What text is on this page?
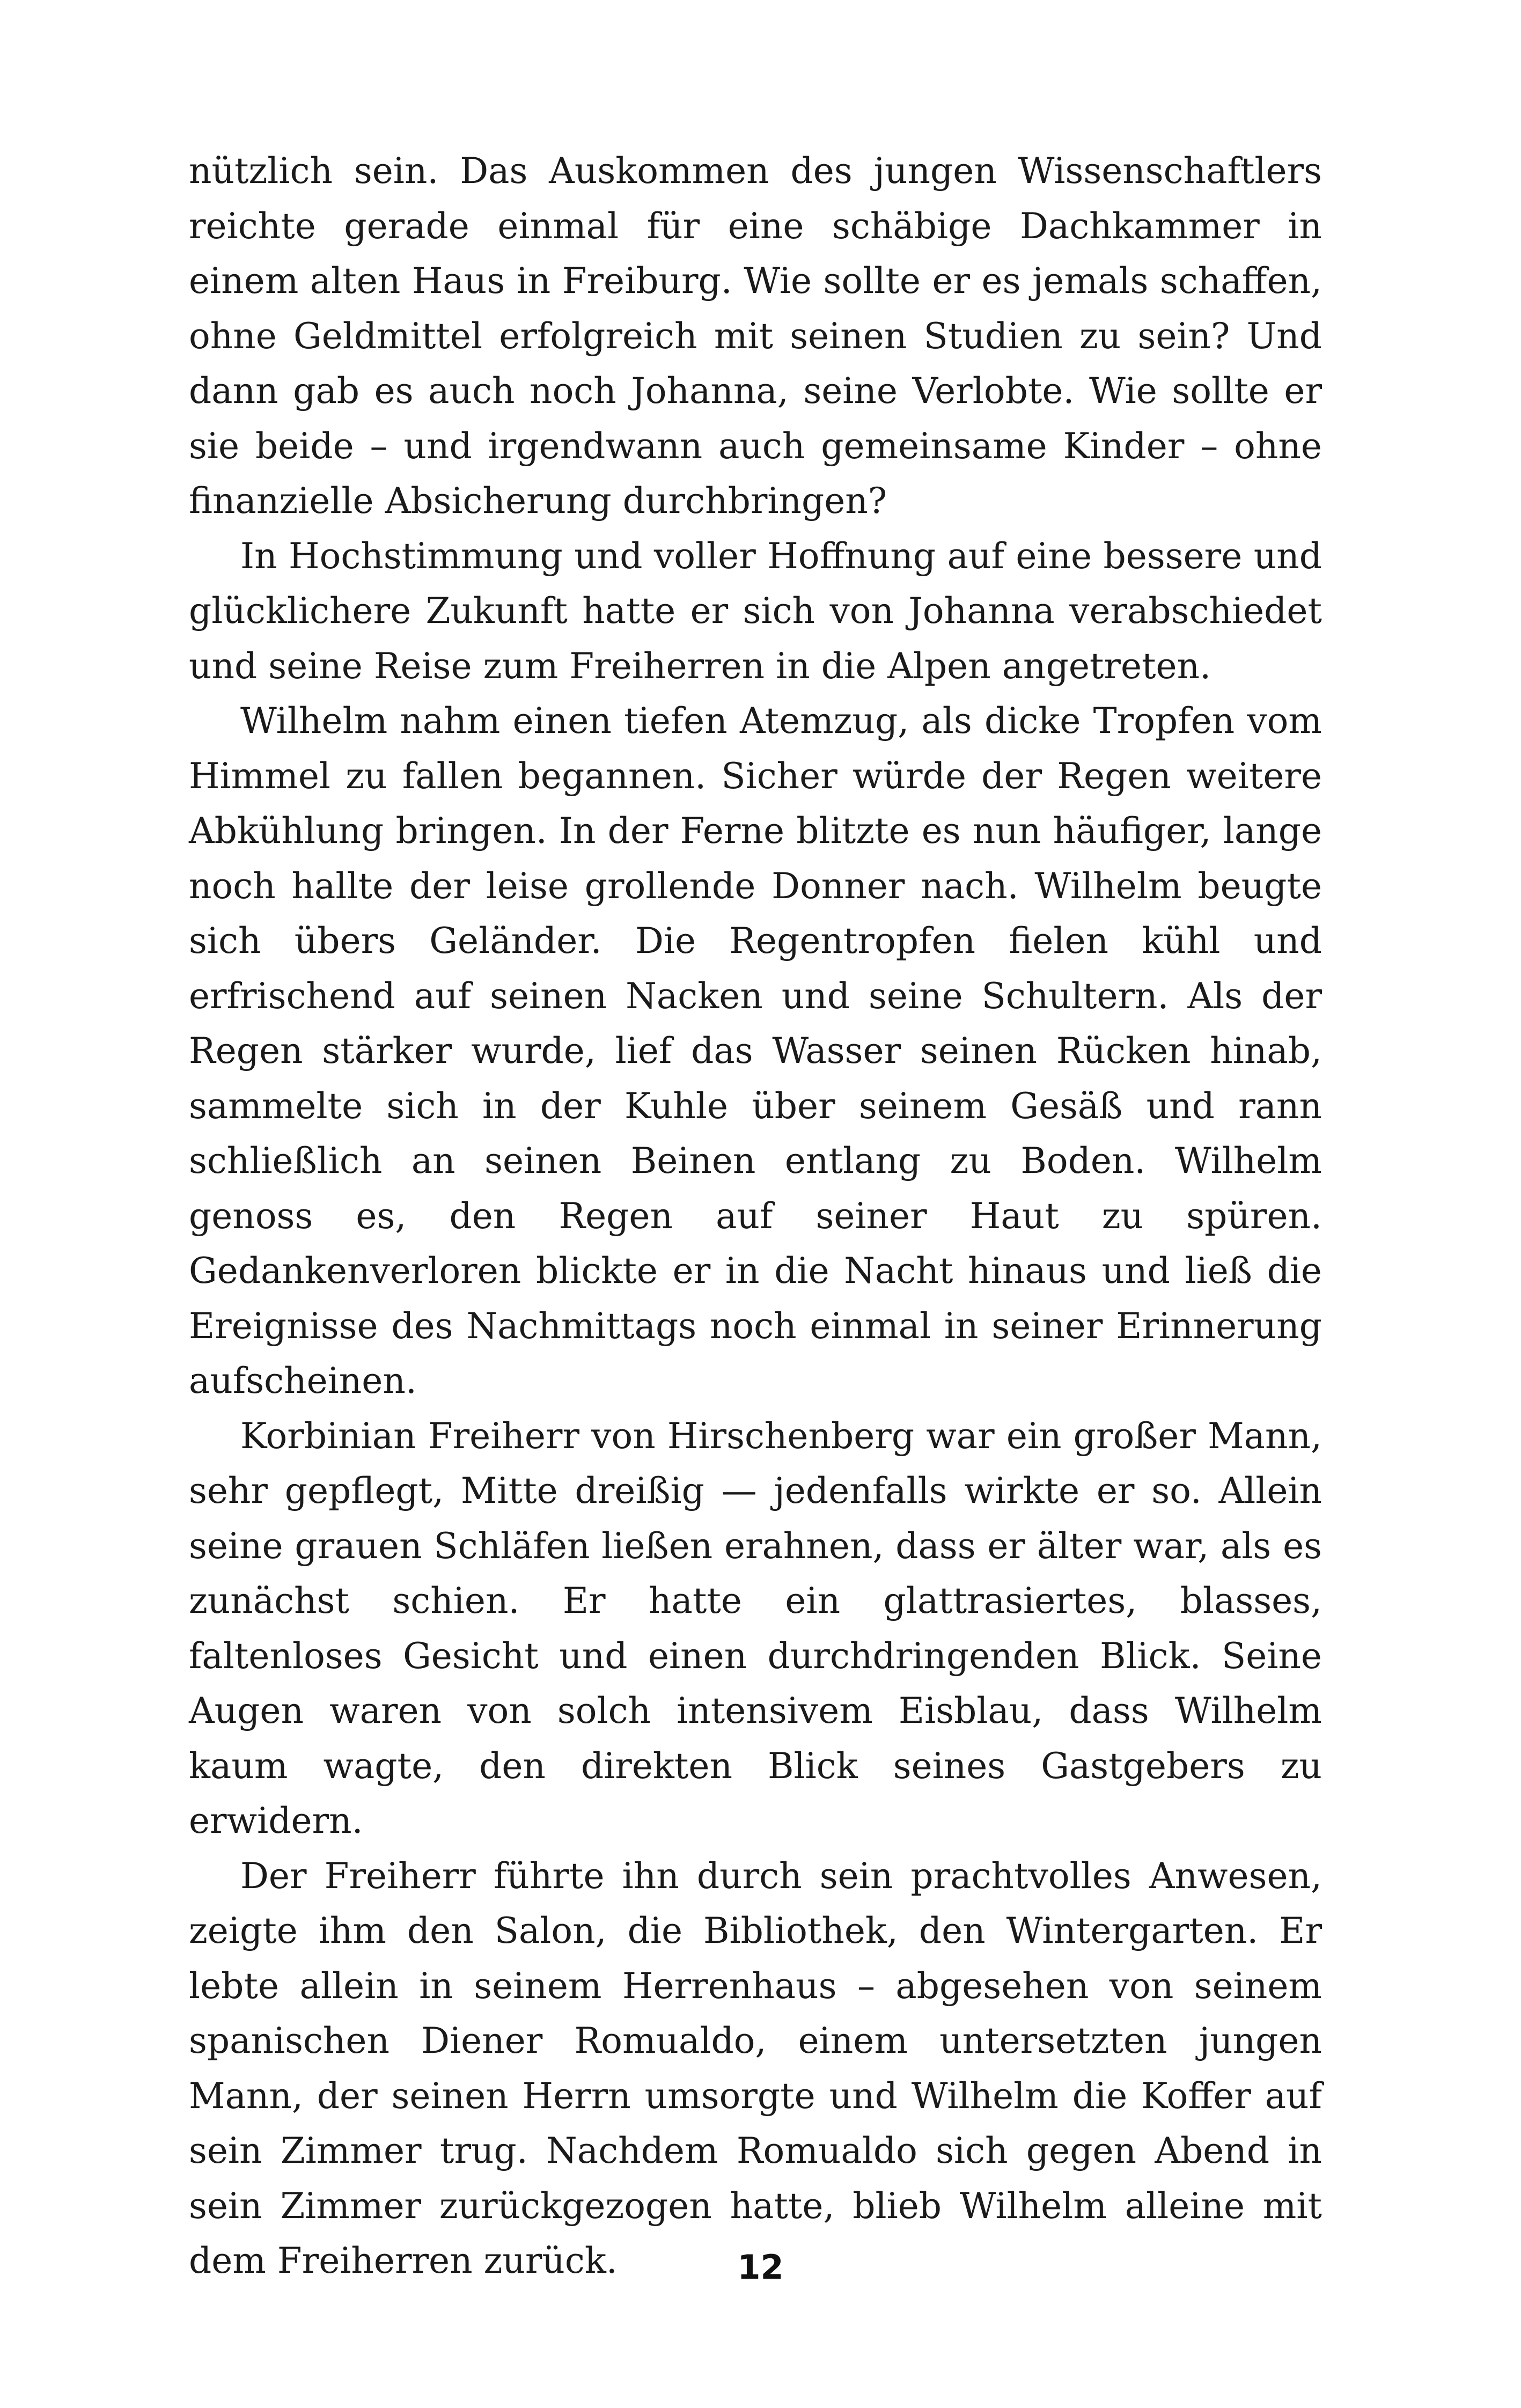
nützlich sein. Das Auskommen des jungen Wissenschaftlers reichte gerade einmal für eine schäbige Dachkammer in einem alten Haus in Freiburg. Wie sollte er es jemals schaffen, ohne Geldmittel erfolgreich mit seinen Studien zu sein? Und dann gab es auch noch Johanna, seine Verlobte. Wie sollte er sie beide – und irgendwann auch gemeinsame Kinder – ohne finanzielle Absicherung durchbringen?

In Hochstimmung und voller Hoffnung auf eine bessere und glücklichere Zukunft hatte er sich von Johanna verabschiedet und seine Reise zum Freiherren in die Alpen angetreten.

Wilhelm nahm einen tiefen Atemzug, als dicke Tropfen vom Himmel zu fallen begannen. Sicher würde der Regen weitere Abkühlung bringen. In der Ferne blitzte es nun häufiger, lange noch hallte der leise grollende Donner nach. Wilhelm beugte sich übers Geländer. Die Regentropfen fielen kühl und erfrischend auf seinen Nacken und seine Schultern. Als der Regen stärker wurde, lief das Wasser seinen Rücken hinab, sammelte sich in der Kuhle über seinem Gesäß und rann schließlich an seinen Beinen entlang zu Boden. Wilhelm genoss es, den Regen auf seiner Haut zu spüren. Gedankenverloren blickte er in die Nacht hinaus und ließ die Ereignisse des Nachmittags noch einmal in seiner Erinnerung aufscheinen.

Korbinian Freiherr von Hirschenberg war ein großer Mann, sehr gepflegt, Mitte dreißig — jedenfalls wirkte er so. Allein seine grauen Schläfen ließen erahnen, dass er älter war, als es zunächst schien. Er hatte ein glattrasiertes, blasses, faltenloses Gesicht und einen durchdringenden Blick. Seine Augen waren von solch intensivem Eisblau, dass Wilhelm kaum wagte, den direkten Blick seines Gastgebers zu erwidern.

Der Freiherr führte ihn durch sein prachtvolles Anwesen, zeigte ihm den Salon, die Bibliothek, den Wintergarten. Er lebte allein in seinem Herrenhaus – abgesehen von seinem spanischen Diener Romualdo, einem untersetzten jungen Mann, der seinen Herrn umsorgte und Wilhelm die Koffer auf sein Zimmer trug. Nachdem Romualdo sich gegen Abend in sein Zimmer zurückgezogen hatte, blieb Wilhelm alleine mit dem Freiherren zurück.	12
